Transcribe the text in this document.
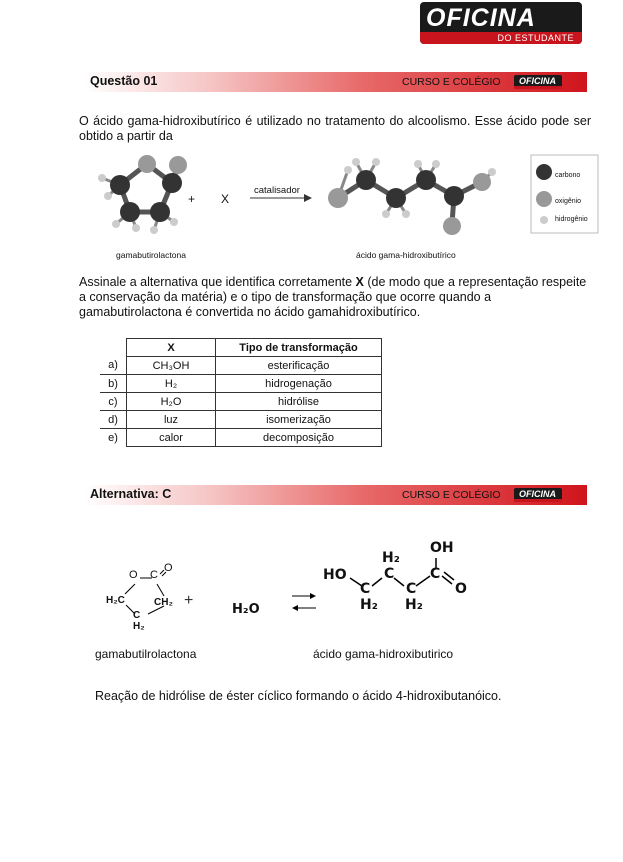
OFICINA
DO ESTUDANTE
Questão 01	CURSO E COLÉGIO OFICINA
O ácido gama-hidroxibutírico é utilizado no tratamento do alcoolismo. Esse ácido pode ser obtido a partir da
+ X
catalisador
gamabutirolactona	ácido gama-hidroxibutírico
carbono
oxigênio
hidrogênio
Assinale a alternativa que identifica corretamente X (de modo que a representação respeite a conservação da matéria) e o tipo de transformação que ocorre quando a gamabutirolactona é convertida no ácido gamahidroxibutírico.
	X	Tipo de transformação
a)	CH₃OH	esterificação
b)	H₂	hidrogenação
c)	H₂O	hidrólise
d)	luz	isomerização
e)	calor	decomposição
Alternativa: C	CURSO E COLÉGIO OFICINA
O C
O
H₂C	CH₂
C
H₂
+
H₂O
HO
C
C
C
C
H₂
H₂ H₂
OH
O
gamabutilrolactona	ácido gama-hidroxibutirico
Reação de hidrólise de éster cíclico formando o ácido 4-hidroxibutanóico.
